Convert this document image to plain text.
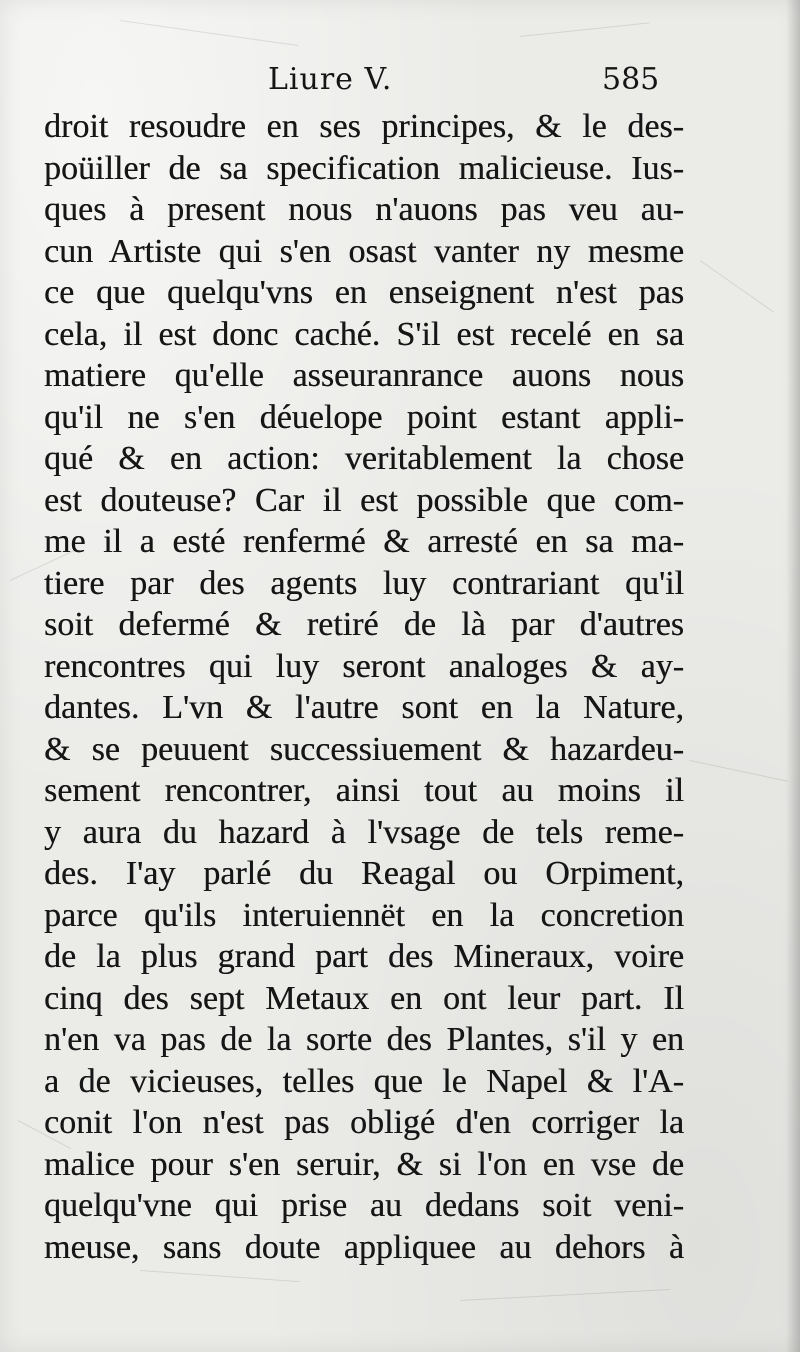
Liure V.	585
droit resoudre en ses principes, & le des-
poüiller de sa specification malicieuse. Ius-
ques à present nous n'auons pas veu au-
cun Artiste qui s'en osast vanter ny mesme
ce que quelqu'vns en enseignent n'est pas
cela, il est donc caché. S'il est recelé en sa
matiere qu'elle asseuranrance auons nous
qu'il ne s'en déuelope point estant appli-
qué & en action: veritablement la chose
est douteuse? Car il est possible que com-
me il a esté renfermé & arresté en sa ma-
tiere par des agents luy contrariant qu'il
soit defermé & retiré de là par d'autres
rencontres qui luy seront analoges & ay-
dantes. L'vn & l'autre sont en la Nature,
& se peuuent successiuement & hazardeu-
sement rencontrer, ainsi tout au moins il
y aura du hazard à l'vsage de tels reme-
des. I'ay parlé du Reagal ou Orpiment,
parce qu'ils interuiennët en la concretion
de la plus grand part des Mineraux, voire
cinq des sept Metaux en ont leur part. Il
n'en va pas de la sorte des Plantes, s'il y en
a de vicieuses, telles que le Napel & l'A-
conit l'on n'est pas obligé d'en corriger la
malice pour s'en seruir, & si l'on en vse de
quelqu'vne qui prise au dedans soit veni-
meuse, sans doute appliquee au dehors à
